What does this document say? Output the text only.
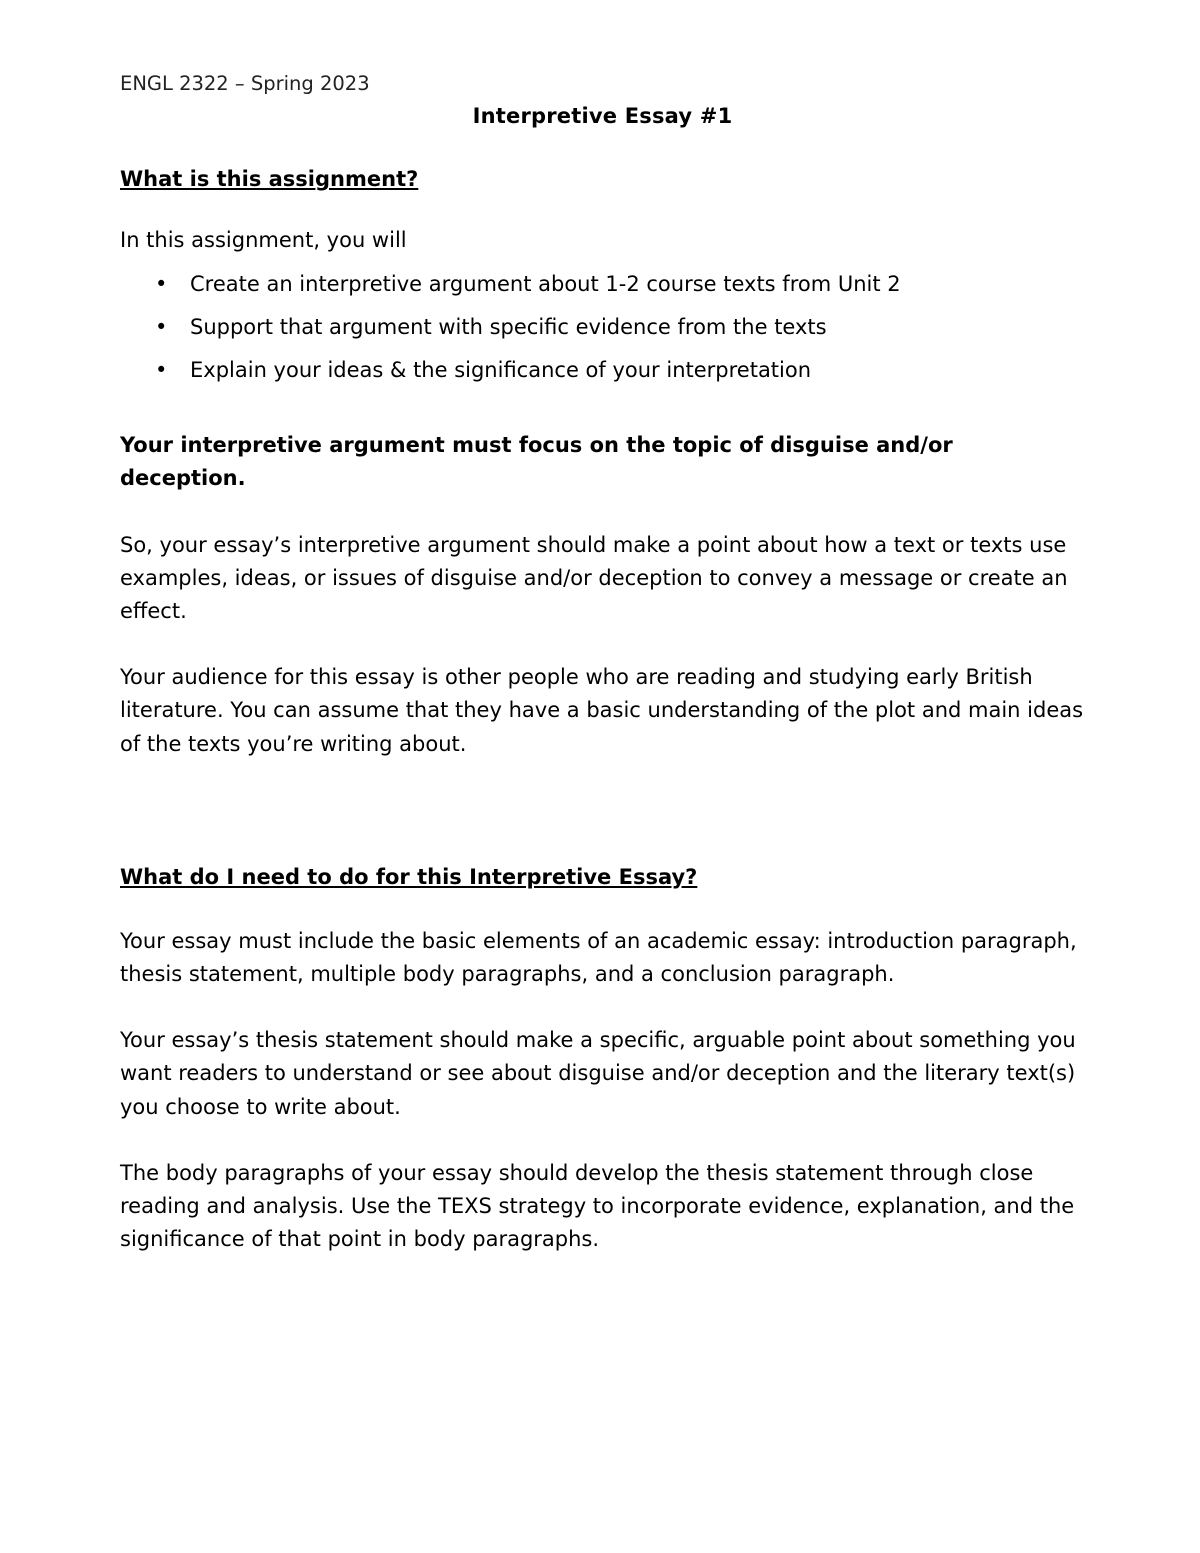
ENGL 2322 – Spring 2023
Interpretive Essay #1
What is this assignment?

In this assignment, you will

• Create an interpretive argument about 1-2 course texts from Unit 2
• Support that argument with specific evidence from the texts
• Explain your ideas & the significance of your interpretation

Your interpretive argument must focus on the topic of disguise and/or deception.

So, your essay’s interpretive argument should make a point about how a text or texts use examples, ideas, or issues of disguise and/or deception to convey a message or create an effect.

Your audience for this essay is other people who are reading and studying early British literature. You can assume that they have a basic understanding of the plot and main ideas of the texts you’re writing about.

What do I need to do for this Interpretive Essay?

Your essay must include the basic elements of an academic essay: introduction paragraph, thesis statement, multiple body paragraphs, and a conclusion paragraph.

Your essay’s thesis statement should make a specific, arguable point about something you want readers to understand or see about disguise and/or deception and the literary text(s) you choose to write about.

The body paragraphs of your essay should develop the thesis statement through close reading and analysis. Use the TEXS strategy to incorporate evidence, explanation, and the significance of that point in body paragraphs.
